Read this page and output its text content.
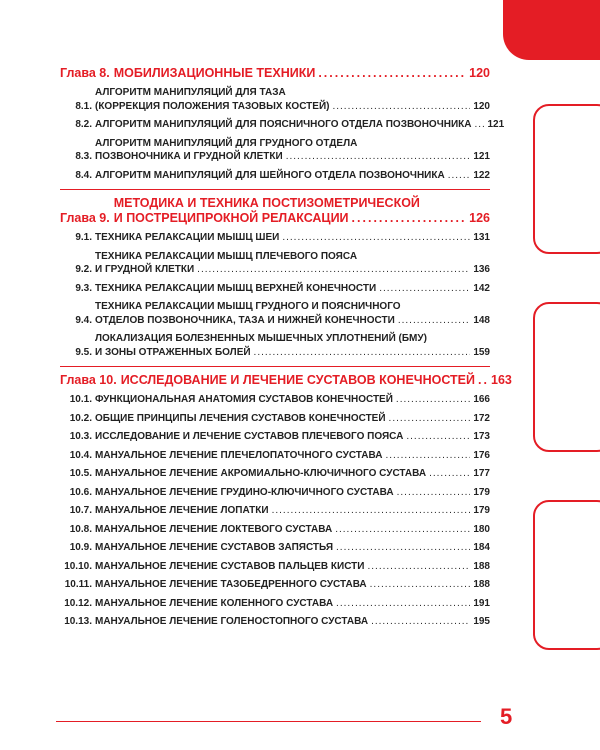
Глава 8. МОБИЛИЗАЦИОННЫЕ ТЕХНИКИ .....	120
8.1.
АЛГОРИТМ МАНИПУЛЯЦИЙ ДЛЯ ТАЗА
(КОРРЕКЦИЯ ПОЛОЖЕНИЯ ТАЗОВЫХ КОСТЕЙ) .....	120
8.2. АЛГОРИТМ МАНИПУЛЯЦИЙ ДЛЯ ПОЯСНИЧНОГО ОТДЕЛА ПОЗВОНОЧНИКА ..... 121
8.3.
АЛГОРИТМ МАНИПУЛЯЦИЙ ДЛЯ ГРУДНОГО ОТДЕЛА
ПОЗВОНОЧНИКА И ГРУДНОЙ КЛЕТКИ .....	121
8.4. АЛГОРИТМ МАНИПУЛЯЦИЙ ДЛЯ ШЕЙНОГО ОТДЕЛА ПОЗВОНОЧНИКА .....	122
Глава 9.
МЕТОДИКА И ТЕХНИКА ПОСТИЗОМЕТРИЧЕСКОЙ
И ПОСТРЕЦИПРОКНОЙ РЕЛАКСАЦИИ .....	126
9.1. ТЕХНИКА РЕЛАКСАЦИИ МЫШЦ ШЕИ .....	131
9.2.
ТЕХНИКА РЕЛАКСАЦИИ МЫШЦ ПЛЕЧЕВОГО ПОЯСА
И ГРУДНОЙ КЛЕТКИ .....	136
9.3. ТЕХНИКА РЕЛАКСАЦИИ МЫШЦ ВЕРХНЕЙ КОНЕЧНОСТИ .....	142
9.4.
ТЕХНИКА РЕЛАКСАЦИИ МЫШЦ ГРУДНОГО И ПОЯСНИЧНОГО
ОТДЕЛОВ ПОЗВОНОЧНИКА, ТАЗА И НИЖНЕЙ КОНЕЧНОСТИ .....	148
9.5.
ЛОКАЛИЗАЦИЯ БОЛЕЗНЕННЫХ МЫШЕЧНЫХ УПЛОТНЕНИЙ (БМУ)
И ЗОНЫ ОТРАЖЕННЫХ БОЛЕЙ .....	159
Глава 10. ИССЛЕДОВАНИЕ И ЛЕЧЕНИЕ СУСТАВОВ КОНЕЧНОСТЕЙ ..... 163
10.1. ФУНКЦИОНАЛЬНАЯ АНАТОМИЯ СУСТАВОВ КОНЕЧНОСТЕЙ .....	166
10.2. ОБЩИЕ ПРИНЦИПЫ ЛЕЧЕНИЯ СУСТАВОВ КОНЕЧНОСТЕЙ .....	172
10.3. ИССЛЕДОВАНИЕ И ЛЕЧЕНИЕ СУСТАВОВ ПЛЕЧЕВОГО ПОЯСА .....	173
10.4. МАНУАЛЬНОЕ ЛЕЧЕНИЕ ПЛЕЧЕЛОПАТОЧНОГО СУСТАВА .....	176
10.5. МАНУАЛЬНОЕ ЛЕЧЕНИЕ АКРОМИАЛЬНО-КЛЮЧИЧНОГО СУСТАВА .....	177
10.6. МАНУАЛЬНОЕ ЛЕЧЕНИЕ ГРУДИНО-КЛЮЧИЧНОГО СУСТАВА .....	179
10.7. МАНУАЛЬНОЕ ЛЕЧЕНИЕ ЛОПАТКИ .....	179
10.8. МАНУАЛЬНОЕ ЛЕЧЕНИЕ ЛОКТЕВОГО СУСТАВА .....	180
10.9. МАНУАЛЬНОЕ ЛЕЧЕНИЕ СУСТАВОВ ЗАПЯСТЬЯ .....	184
10.10. МАНУАЛЬНОЕ ЛЕЧЕНИЕ СУСТАВОВ ПАЛЬЦЕВ КИСТИ .....	188
10.11. МАНУАЛЬНОЕ ЛЕЧЕНИЕ ТАЗОБЕДРЕННОГО СУСТАВА .....	188
10.12. МАНУАЛЬНОЕ ЛЕЧЕНИЕ КОЛЕННОГО СУСТАВА .....	191
10.13. МАНУАЛЬНОЕ ЛЕЧЕНИЕ ГОЛЕНОСТОПНОГО СУСТАВА .....	195
5
